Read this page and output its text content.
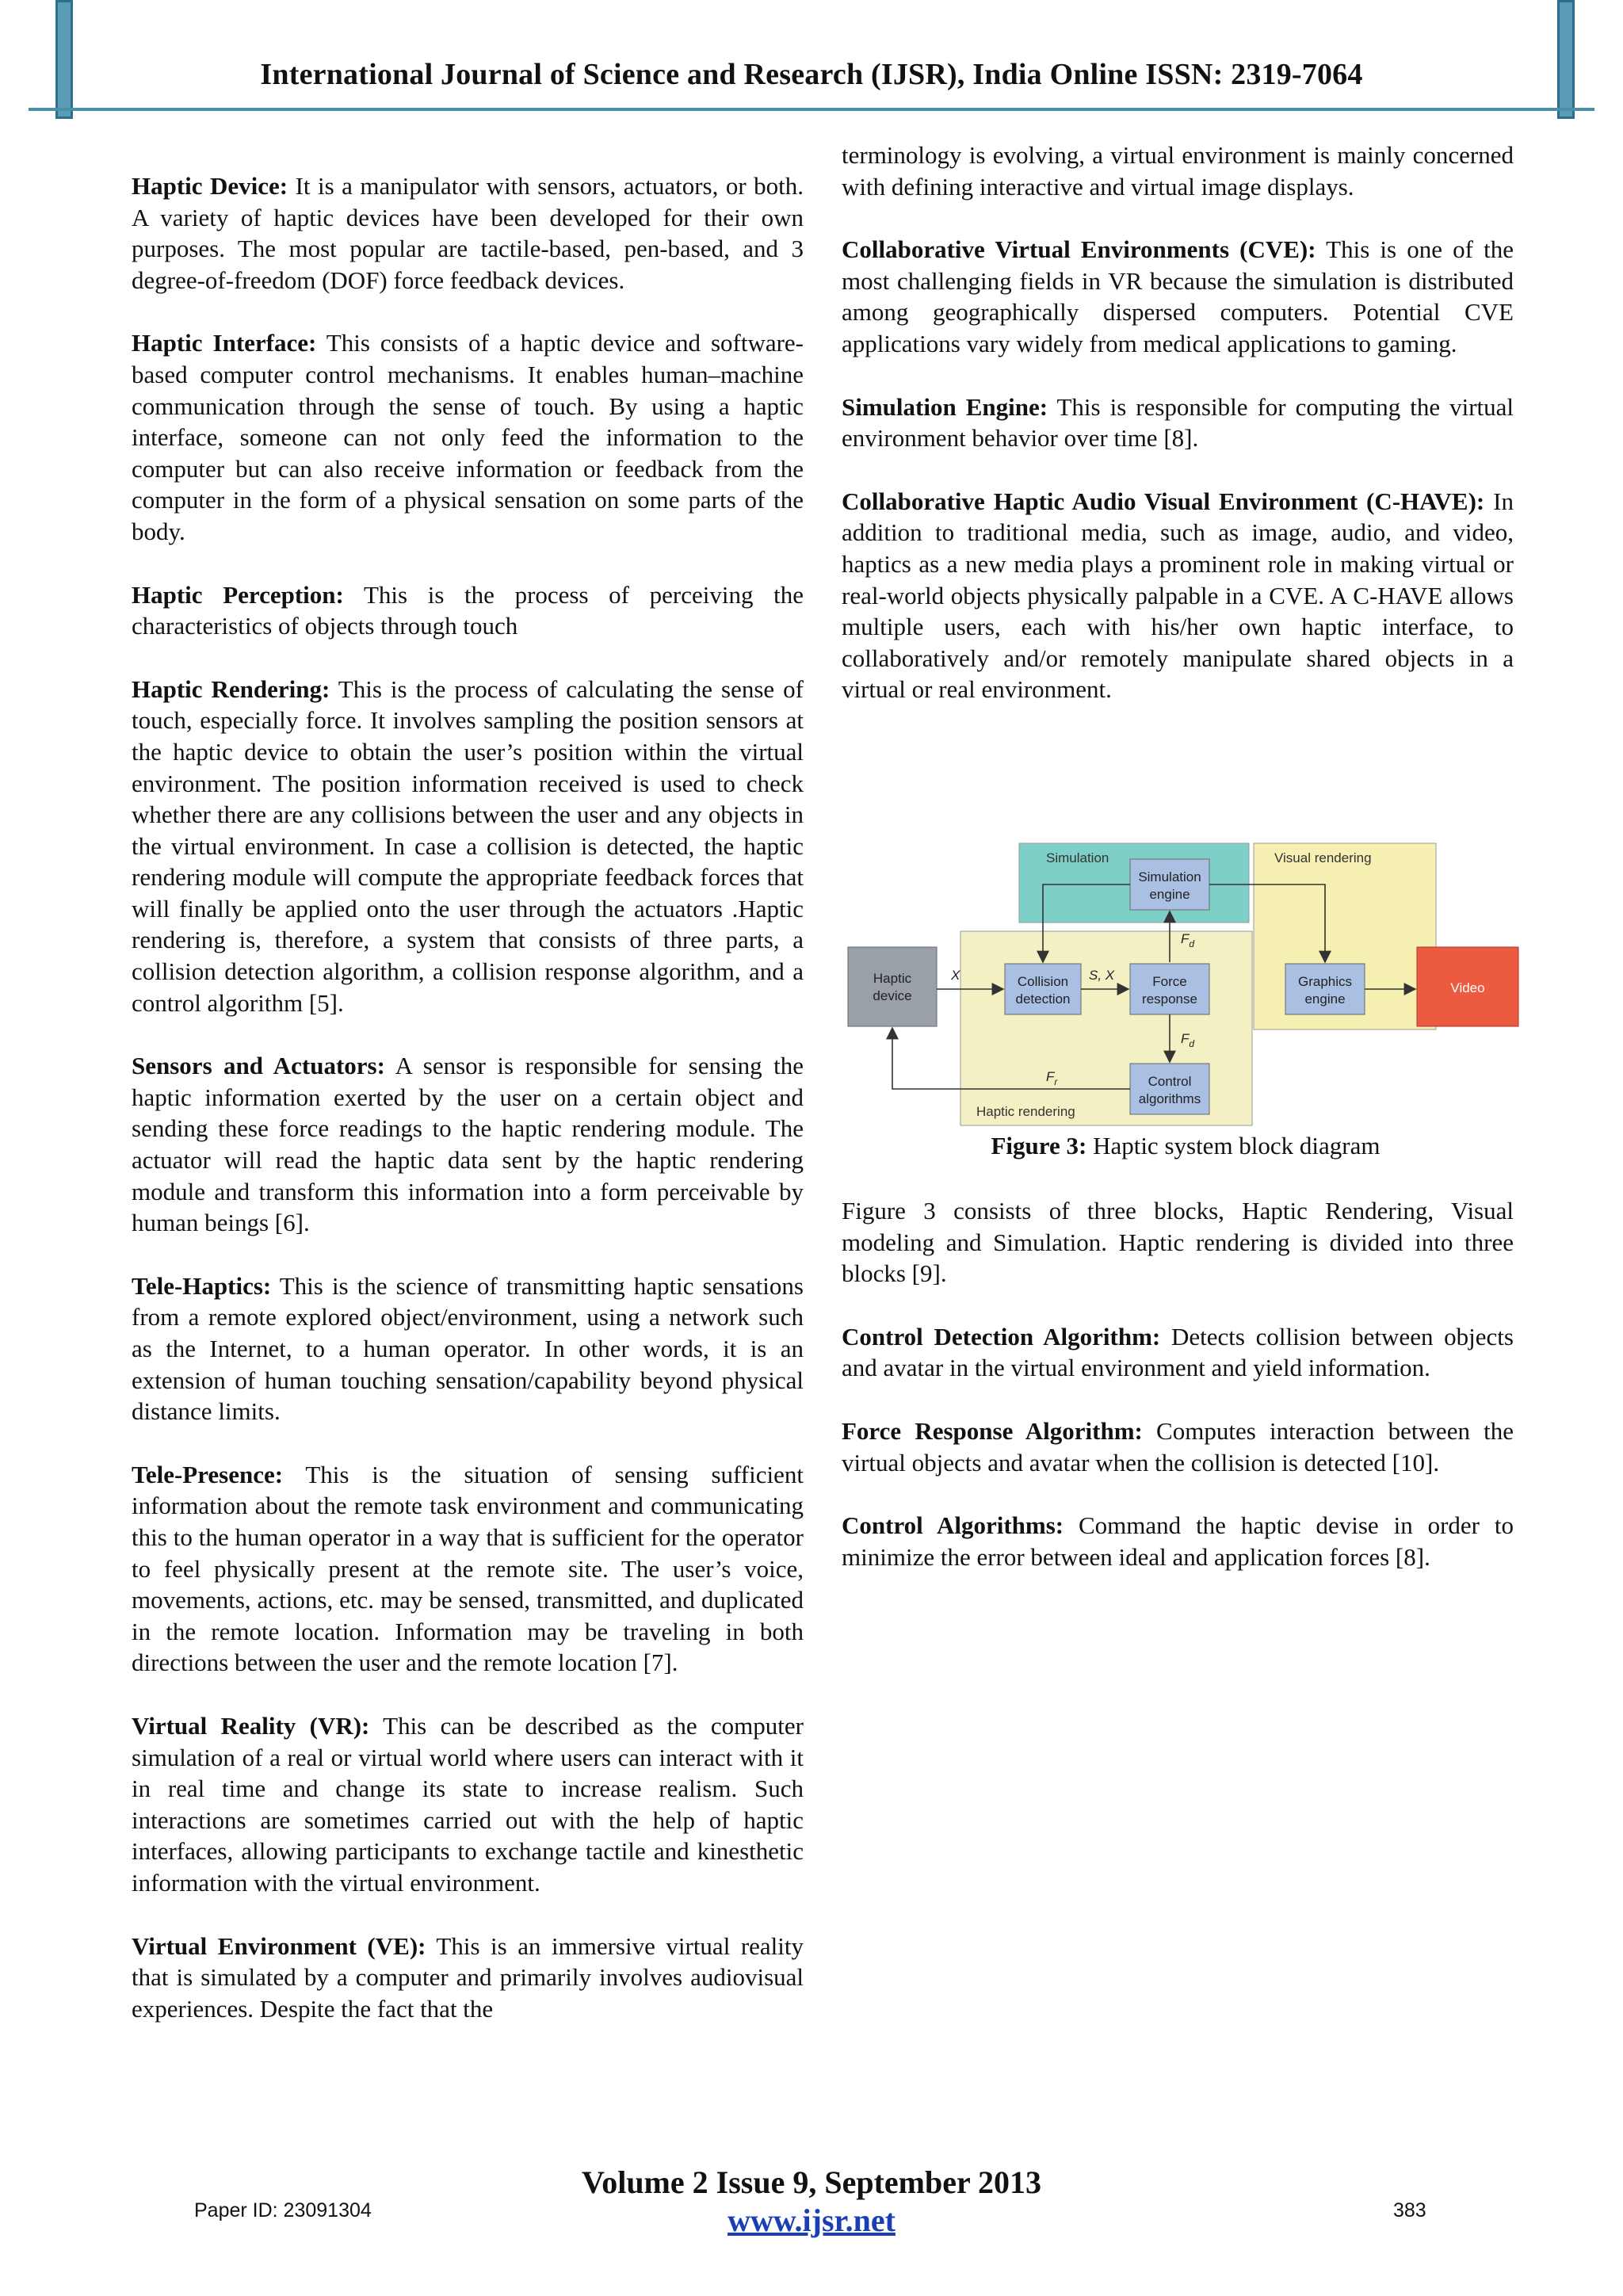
International Journal of Science and Research (IJSR), India Online ISSN: 2319-7064

Haptic Device: It is a manipulator with sensors, actuators, or both. A variety of haptic devices have been developed for their own purposes. The most popular are tactile-based, pen-based, and 3 degree-of-freedom (DOF) force feedback devices.

Haptic Interface: This consists of a haptic device and software-based computer control mechanisms. It enables human–machine communication through the sense of touch. By using a haptic interface, someone can not only feed the information to the computer but can also receive information or feedback from the computer in the form of a physical sensation on some parts of the body.

Haptic Perception: This is the process of perceiving the characteristics of objects through touch

Haptic Rendering: This is the process of calculating the sense of touch, especially force. It involves sampling the position sensors at the haptic device to obtain the user’s position within the virtual environment. The position information received is used to check whether there are any collisions between the user and any objects in the virtual environment. In case a collision is detected, the haptic rendering module will compute the appropriate feedback forces that will finally be applied onto the user through the actuators .Haptic rendering is, therefore, a system that consists of three parts, a collision detection algorithm, a collision response algorithm, and a control algorithm [5].

Sensors and Actuators: A sensor is responsible for sensing the haptic information exerted by the user on a certain object and sending these force readings to the haptic rendering module. The actuator will read the haptic data sent by the haptic rendering module and transform this information into a form perceivable by human beings [6].

Tele-Haptics: This is the science of transmitting haptic sensations from a remote explored object/environment, using a network such as the Internet, to a human operator. In other words, it is an extension of human touching sensation/capability beyond physical distance limits.

Tele-Presence: This is the situation of sensing sufficient information about the remote task environment and communicating this to the human operator in a way that is sufficient for the operator to feel physically present at the remote site. The user’s voice, movements, actions, etc. may be sensed, transmitted, and duplicated in the remote location. Information may be traveling in both directions between the user and the remote location [7].

Virtual Reality (VR): This can be described as the computer simulation of a real or virtual world where users can interact with it in real time and change its state to increase realism. Such interactions are sometimes carried out with the help of haptic interfaces, allowing participants to exchange tactile and kinesthetic information with the virtual environment.

Virtual Environment (VE): This is an immersive virtual reality that is simulated by a computer and primarily involves audiovisual experiences. Despite the fact that the

terminology is evolving, a virtual environment is mainly concerned with defining interactive and virtual image displays.

Collaborative Virtual Environments (CVE): This is one of the most challenging fields in VR because the simulation is distributed among geographically dispersed computers. Potential CVE applications vary widely from medical applications to gaming.

Simulation Engine: This is responsible for computing the virtual environment behavior over time [8].

Collaborative Haptic Audio Visual Environment (C-HAVE): In addition to traditional media, such as image, audio, and video, haptics as a new media plays a prominent role in making virtual or real-world objects physically palpable in a CVE. A C-HAVE allows multiple users, each with his/her own haptic interface, to collaboratively and/or remotely manipulate shared objects in a virtual or real environment.

Simulation	Visual rendering
Haptic rendering
Haptic
device
Collision
detection
Force
response
Simulation
engine
Control
algorithms
Graphics
engine
Video
X	S, X
$F_d$
$F_d$
$F_r$
Figure 3: Haptic system block diagram

Figure 3 consists of three blocks, Haptic Rendering, Visual modeling and Simulation. Haptic rendering is divided into three blocks [9].

Control Detection Algorithm: Detects collision between objects and avatar in the virtual environment and yield information.

Force Response Algorithm: Computes interaction between the virtual objects and avatar when the collision is detected [10].

Control Algorithms: Command the haptic devise in order to minimize the error between ideal and application forces [8].

Volume 2 Issue 9, September 2013
www.ijsr.net
Paper ID: 23091304	383
